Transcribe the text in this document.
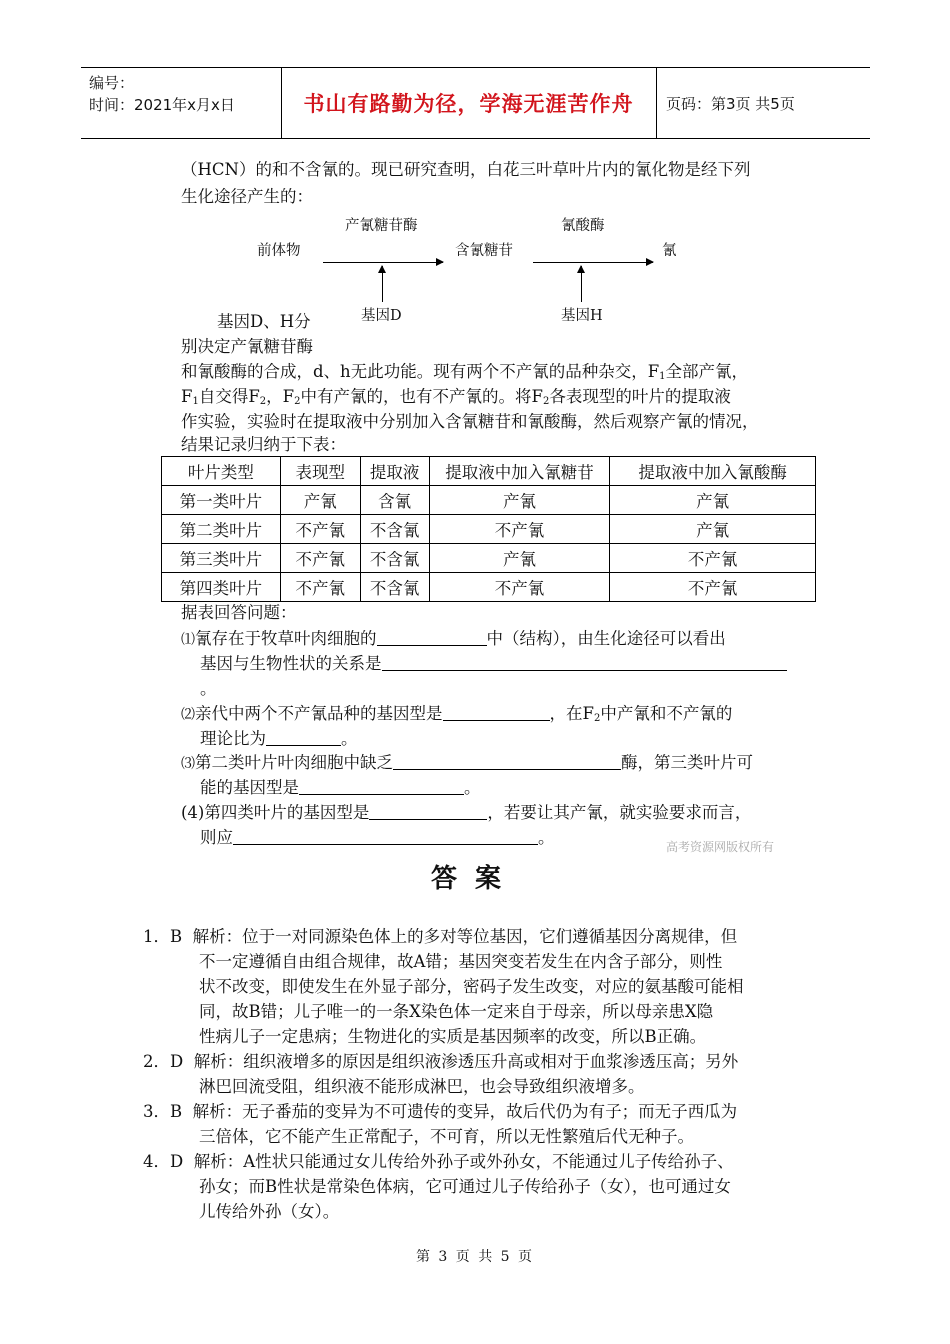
编号：
时间：2021年x月x日	书山有路勤为径，学海无涯苦作舟	页码：第3页 共5页
（HCN）的和不含氰的。现已研究查明，白花三叶草叶片内的氰化物是经下列
生化途径产生的：
产氰糖苷酶	氰酸酶
前体物	含氰糖苷	氰
基因D	基因H
基因D、H分
别决定产氰糖苷酶
和氰酸酶的合成，d、h无此功能。现有两个不产氰的品种杂交，$F_1$全部产氰，
$F_1$自交得$F_2$，$F_2$中有产氰的，也有不产氰的。将$F_2$各表现型的叶片的提取液
作实验，实验时在提取液中分别加入含氰糖苷和氰酸酶，然后观察产氰的情况，
结果记录归纳于下表：
叶片类型	表现型	提取液	提取液中加入氰糖苷	提取液中加入氰酸酶
第一类叶片	产氰	含氰	产氰	产氰
第二类叶片	不产氰	不含氰	不产氰	产氰
第三类叶片	不产氰	不含氰	产氰	不产氰
第四类叶片	不产氰	不含氰	不产氰	不产氰
据表回答问题：
⑴氰存在于牧草叶肉细胞的	中（结构），由生化途径可以看出
基因与生物性状的关系是
。
⑵亲代中两个不产氰品种的基因型是	，在$F_2$中产氰和不产氰的
理论比为	。
⑶第二类叶片叶肉细胞中缺乏	酶，第三类叶片可
能的基因型是	。
(4)第四类叶片的基因型是	，若要让其产氰，就实验要求而言，
则应	。	高考资源网版权所有
答案
1．B 解析：位于一对同源染色体上的多对等位基因，它们遵循基因分离规律，但
不一定遵循自由组合规律，故A错；基因突变若发生在内含子部分，则性
状不改变，即使发生在外显子部分，密码子发生改变，对应的氨基酸可能相
同，故B错；儿子唯一的一条X染色体一定来自于母亲，所以母亲患X隐
性病儿子一定患病；生物进化的实质是基因频率的改变，所以B正确。
2．D 解析：组织液增多的原因是组织液渗透压升高或相对于血浆渗透压高；另外
淋巴回流受阻，组织液不能形成淋巴，也会导致组织液增多。
3．B 解析：无子番茄的变异为不可遗传的变异，故后代仍为有子；而无子西瓜为
三倍体，它不能产生正常配子，不可育，所以无性繁殖后代无种子。
4．D 解析：A性状只能通过女儿传给外孙子或外孙女，不能通过儿子传给孙子、
孙女；而B性状是常染色体病，它可通过儿子传给孙子（女），也可通过女
儿传给外孙（女）。
第 3 页 共 5 页
